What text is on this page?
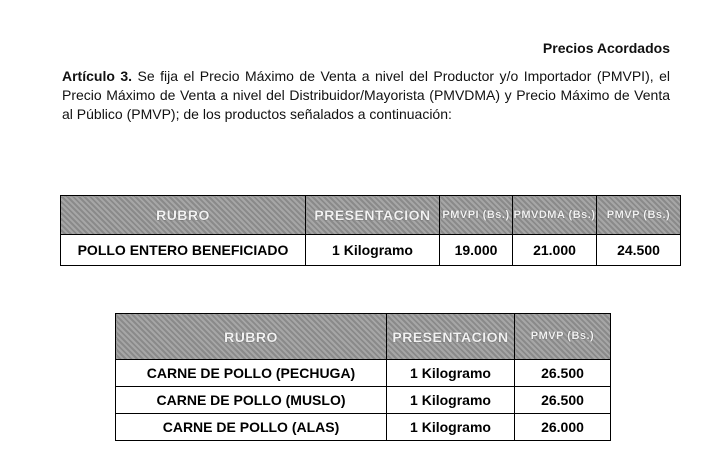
Precios Acordados
Artículo 3. Se fija el Precio Máximo de Venta a nivel del Productor y/o Importador (PMVPI), el Precio Máximo de Venta a nivel del Distribuidor/Mayorista (PMVDMA) y Precio Máximo de Venta al Público (PMVP); de los productos señalados a continuación:
RUBRO	PRESENTACION	PMVPI (Bs.)	PMVDMA (Bs.)	PMVP (Bs.)
POLLO ENTERO BENEFICIADO	1 Kilogramo	19.000	21.000	24.500
RUBRO	PRESENTACION	PMVP (Bs.)
CARNE DE POLLO (PECHUGA)	1 Kilogramo	26.500
CARNE DE POLLO (MUSLO)	1 Kilogramo	26.500
CARNE DE POLLO (ALAS)	1 Kilogramo	26.000
